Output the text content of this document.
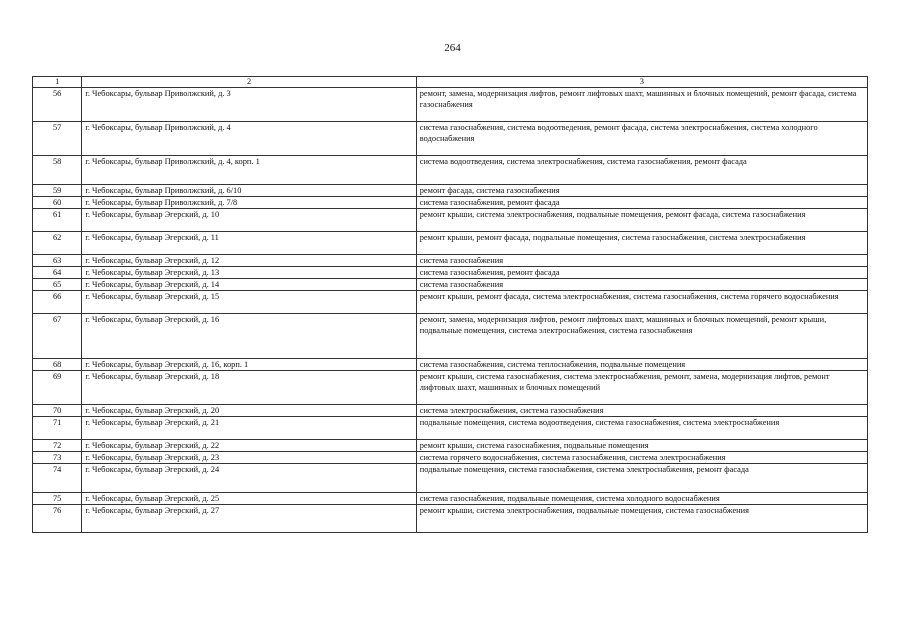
264
1	2	3
56	г. Чебоксары, бульвар Приволжский, д. 3	ремонт, замена, модернизация лифтов, ремонт лифтовых шахт, машинных и блочных помещений, ремонт фасада, система газоснабжения
57	г. Чебоксары, бульвар Приволжский, д. 4	система газоснабжения, система водоотведения, ремонт фасада, система электроснабжения, система холодного водоснабжения
58	г. Чебоксары, бульвар Приволжский, д. 4, корп. 1	система водоотведения, система электроснабжения, система газоснабжения, ремонт фасада
59	г. Чебоксары, бульвар Приволжский, д. 6/10	ремонт фасада, система газоснабжения
60	г. Чебоксары, бульвар Приволжский, д. 7/8	система газоснабжения, ремонт фасада
61	г. Чебоксары, бульвар Эгерский, д. 10	ремонт крыши, система электроснабжения, подвальные помещения, ремонт фасада, система газоснабжения
62	г. Чебоксары, бульвар Эгерский, д. 11	ремонт крыши, ремонт фасада, подвальные помещения, система газоснабжения, система электроснабжения
63	г. Чебоксары, бульвар Эгерский, д. 12	система газоснабжения
64	г. Чебоксары, бульвар Эгерский, д. 13	система газоснабжения, ремонт фасада
65	г. Чебоксары, бульвар Эгерский, д. 14	система газоснабжения
66	г. Чебоксары, бульвар Эгерский, д. 15	ремонт крыши, ремонт фасада, система электроснабжения, система газоснабжения, система горячего водоснабжения
67	г. Чебоксары, бульвар Эгерский, д. 16	ремонт, замена, модернизация лифтов, ремонт лифтовых шахт, машинных и блочных помещений, ремонт крыши, подвальные помещения, система электроснабжения, система газоснабжения
68	г. Чебоксары, бульвар Эгерский, д. 16, корп. 1	система газоснабжения, система теплоснабжения, подвальные помещения
69	г. Чебоксары, бульвар Эгерский, д. 18	ремонт крыши, система газоснабжения, система электроснабжения, ремонт, замена, модернизация лифтов, ремонт лифтовых шахт, машинных и блочных помещений
70	г. Чебоксары, бульвар Эгерский, д. 20	система электроснабжения, система газоснабжения
71	г. Чебоксары, бульвар Эгерский, д. 21	подвальные помещения, система водоотведения, система газоснабжения, система электроснабжения
72	г. Чебоксары, бульвар Эгерский, д. 22	ремонт крыши, система газоснабжения, подвальные помещения
73	г. Чебоксары, бульвар Эгерский, д. 23	система горячего водоснабжения, система газоснабжения, система электроснабжения
74	г. Чебоксары, бульвар Эгерский, д. 24	подвальные помещения, система газоснабжения, система электроснабжения, ремонт фасада
75	г. Чебоксары, бульвар Эгерский, д. 25	система газоснабжения, подвальные помещения, система холодного водоснабжения
76	г. Чебоксары, бульвар Эгерский, д. 27	ремонт крыши, система электроснабжения, подвальные помещения, система газоснабжения
